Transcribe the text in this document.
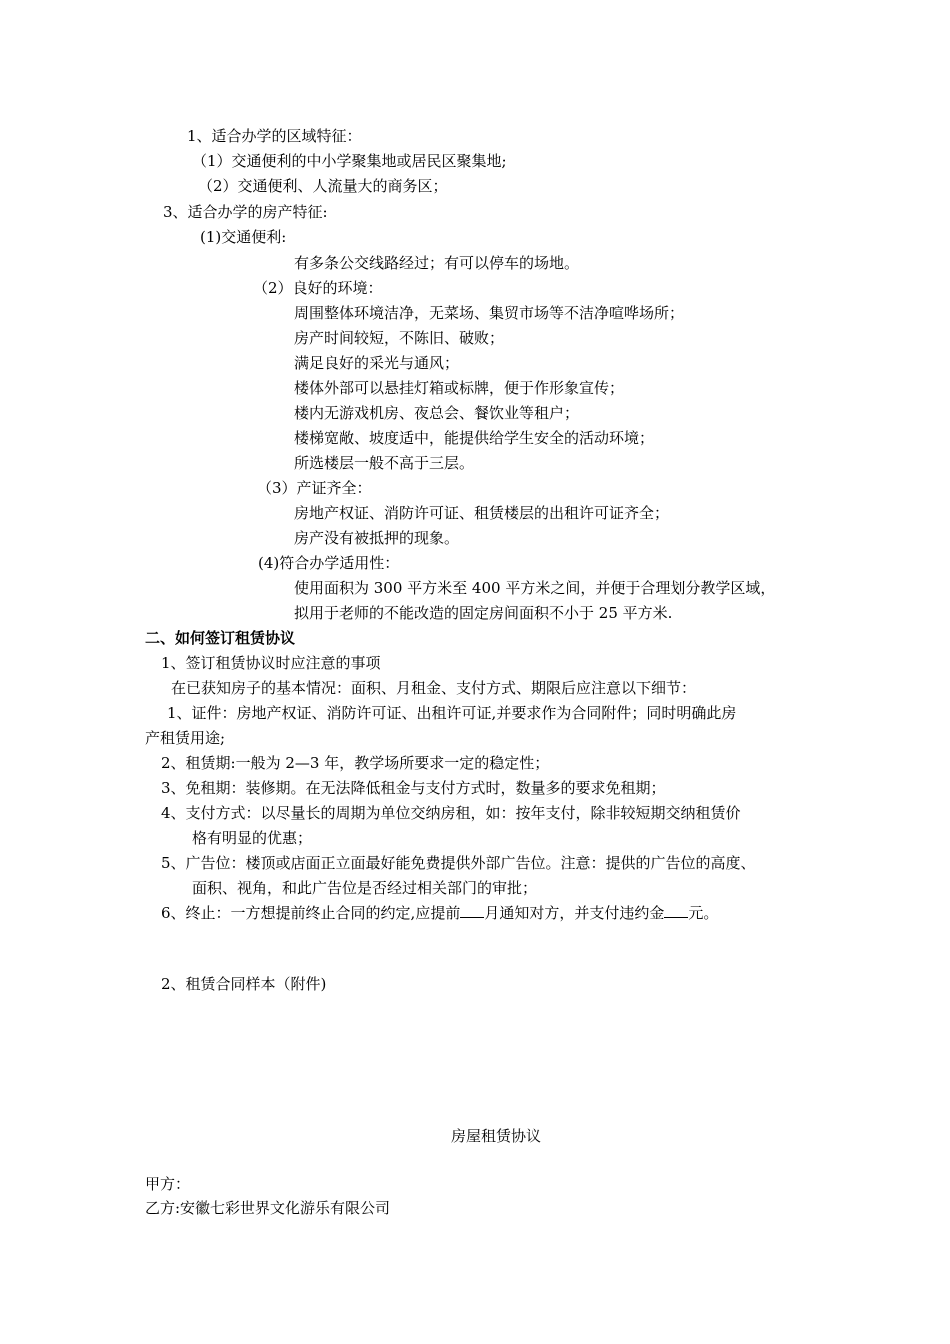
1、适合办学的区域特征：
（1）交通便利的中小学聚集地或居民区聚集地;
（2）交通便利、人流量大的商务区；
3、适合办学的房产特征:
(1)交通便利:
有多条公交线路经过；有可以停车的场地。
（2）良好的环境：
周围整体环境洁净，无菜场、集贸市场等不洁净喧哗场所；
房产时间较短，不陈旧、破败；
满足良好的采光与通风；
楼体外部可以悬挂灯箱或标牌，便于作形象宣传；
楼内无游戏机房、夜总会、餐饮业等租户；
楼梯宽敞、坡度适中，能提供给学生安全的活动环境；
所选楼层一般不高于三层。
（3）产证齐全：
房地产权证、消防许可证、租赁楼层的出租许可证齐全；
房产没有被抵押的现象。
(4)符合办学适用性：
使用面积为 300 平方米至 400 平方米之间，并便于合理划分教学区域，
拟用于老师的不能改造的固定房间面积不小于 25 平方米.
二、如何签订租赁协议
1、签订租赁协议时应注意的事项
在已获知房子的基本情况：面积、月租金、支付方式、期限后应注意以下细节：
1、证件：房地产权证、消防许可证、出租许可证,并要求作为合同附件；同时明确此房
产租赁用途;
2、租赁期:一般为 2—3 年，教学场所要求一定的稳定性；
3、免租期：装修期。在无法降低租金与支付方式时，数量多的要求免租期；
4、支付方式：以尽量长的周期为单位交纳房租，如：按年支付，除非较短期交纳租赁价
格有明显的优惠；
5、广告位：楼顶或店面正立面最好能免费提供外部广告位。注意：提供的广告位的高度、
面积、视角，和此广告位是否经过相关部门的审批；
6、终止：一方想提前终止合同的约定,应提前 月通知对方，并支付违约金 元。
2、租赁合同样本（附件)
房屋租赁协议
甲方：
乙方:安徽七彩世界文化游乐有限公司
